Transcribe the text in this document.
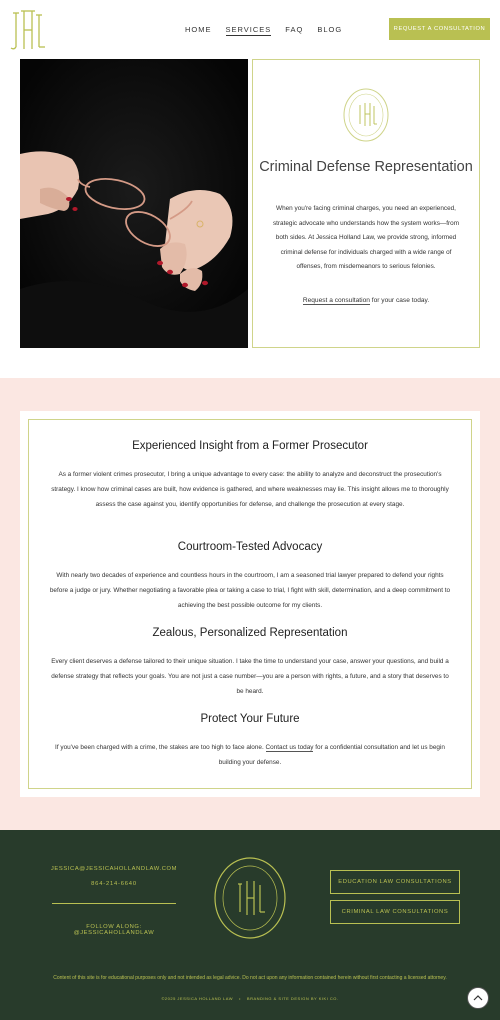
HOME SERVICES FAQ BLOG	REQUEST A CONSULTATION
Criminal Defense Representation
When you're facing criminal charges, you need an experienced, strategic advocate who understands how the system works—from both sides. At Jessica Holland Law, we provide strong, informed criminal defense for individuals charged with a wide range of offenses, from misdemeanors to serious felonies.
Request a consultation for your case today.
Experienced Insight from a Former Prosecutor
As a former violent crimes prosecutor, I bring a unique advantage to every case: the ability to analyze and deconstruct the prosecution's strategy. I know how criminal cases are built, how evidence is gathered, and where weaknesses may lie. This insight allows me to thoroughly assess the case against you, identify opportunities for defense, and challenge the prosecution at every stage.
Courtroom-Tested Advocacy
With nearly two decades of experience and countless hours in the courtroom, I am a seasoned trial lawyer prepared to defend your rights before a judge or jury. Whether negotiating a favorable plea or taking a case to trial, I fight with skill, determination, and a deep commitment to achieving the best possible outcome for my clients.
Zealous, Personalized Representation
Every client deserves a defense tailored to their unique situation. I take the time to understand your case, answer your questions, and build a defense strategy that reflects your goals. You are not just a case number—you are a person with rights, a future, and a story that deserves to be heard.
Protect Your Future
If you've been charged with a crime, the stakes are too high to face alone. Contact us today for a confidential consultation and let us begin building your defense.
JESSICA@JESSICAHOLLANDLAW.COM
864-214-6640
FOLLOW ALONG: @JESSICAHOLLANDLAW
EDUCATION LAW CONSULTATIONS
CRIMINAL LAW CONSULTATIONS
Content of this site is for educational purposes only and not intended as legal advice. Do not act upon any information contained herein without first contacting a licensed attorney.
©2025 JESSICA HOLLAND LAW • BRANDING & SITE DESIGN BY KIKI CO.
